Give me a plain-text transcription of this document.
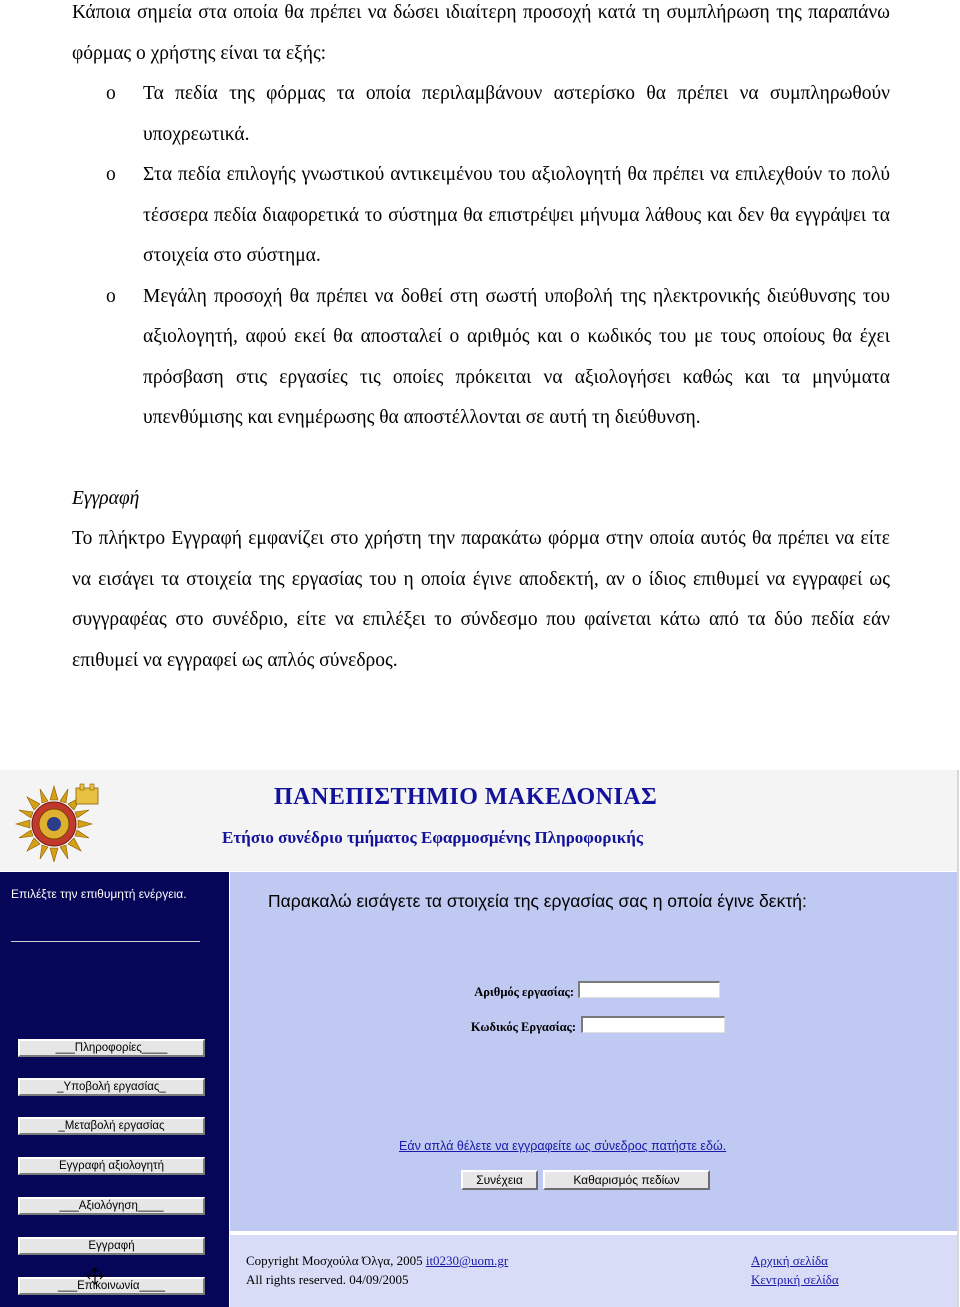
Κάποια σημεία στα οποία θα πρέπει να δώσει ιδιαίτερη προσοχή κατά τη συμπλήρωση της παραπάνω φόρμας ο χρήστης είναι τα εξής:

o Τα πεδία της φόρμας τα οποία περιλαμβάνουν αστερίσκο θα πρέπει να συμπληρωθούν υποχρεωτικά.
o Στα πεδία επιλογής γνωστικού αντικειμένου του αξιολογητή θα πρέπει να επιλεχθούν το πολύ τέσσερα πεδία διαφορετικά το σύστημα θα επιστρέψει μήνυμα λάθους και δεν θα εγγράψει τα στοιχεία στο σύστημα.
o Μεγάλη προσοχή θα πρέπει να δοθεί στη σωστή υποβολή της ηλεκτρονικής διεύθυνσης του αξιολογητή, αφού εκεί θα αποσταλεί ο αριθμός και ο κωδικός του με τους οποίους θα έχει πρόσβαση στις εργασίες τις οποίες πρόκειται να αξιολογήσει καθώς και τα μηνύματα υπενθύμισης και ενημέρωσης θα αποστέλλονται σε αυτή τη διεύθυνση.

Εγγραφή

Το πλήκτρο Εγγραφή εμφανίζει στο χρήστη την παρακάτω φόρμα στην οποία αυτός θα πρέπει να είτε να εισάγει τα στοιχεία της εργασίας του η οποία έγινε αποδεκτή, αν ο ίδιος επιθυμεί να εγγραφεί ως συγγραφέας στο συνέδριο, είτε να επιλέξει το σύνδεσμο που φαίνεται κάτω από τα δύο πεδία εάν επιθυμεί να εγγραφεί ως απλός σύνεδρος.

ΠΑΝΕΠΙΣΤΗΜΙΟ ΜΑΚΕΔΟΝΙΑΣ
Ετήσιο συνέδριο τμήματος Εφαρμοσμένης Πληροφορικής
Επιλέξτε την επιθυμητή ενέργεια.
___Πληροφορίες____
_Υποβολή εργασίας_
_Μεταβολή εργασίας
Εγγραφή αξιολογητή
___Αξιολόγηση____
Εγγραφή
___Επικοινωνία____
Παρακαλώ εισάγετε τα στοιχεία της εργασίας σας η οποία έγινε δεκτή:
Αριθμός εργασίας:
Κωδικός Εργασίας:
Εάν απλά θέλετε να εγγραφείτε ως σύνεδρος πατήστε εδώ.
Συνέχεια	Καθαρισμός πεδίων
Copyright Μοσχούλα Όλγα, 2005 it0230@uom.gr
All rights reserved. 04/09/2005
Αρχική σελίδα
Κεντρική σελίδα
